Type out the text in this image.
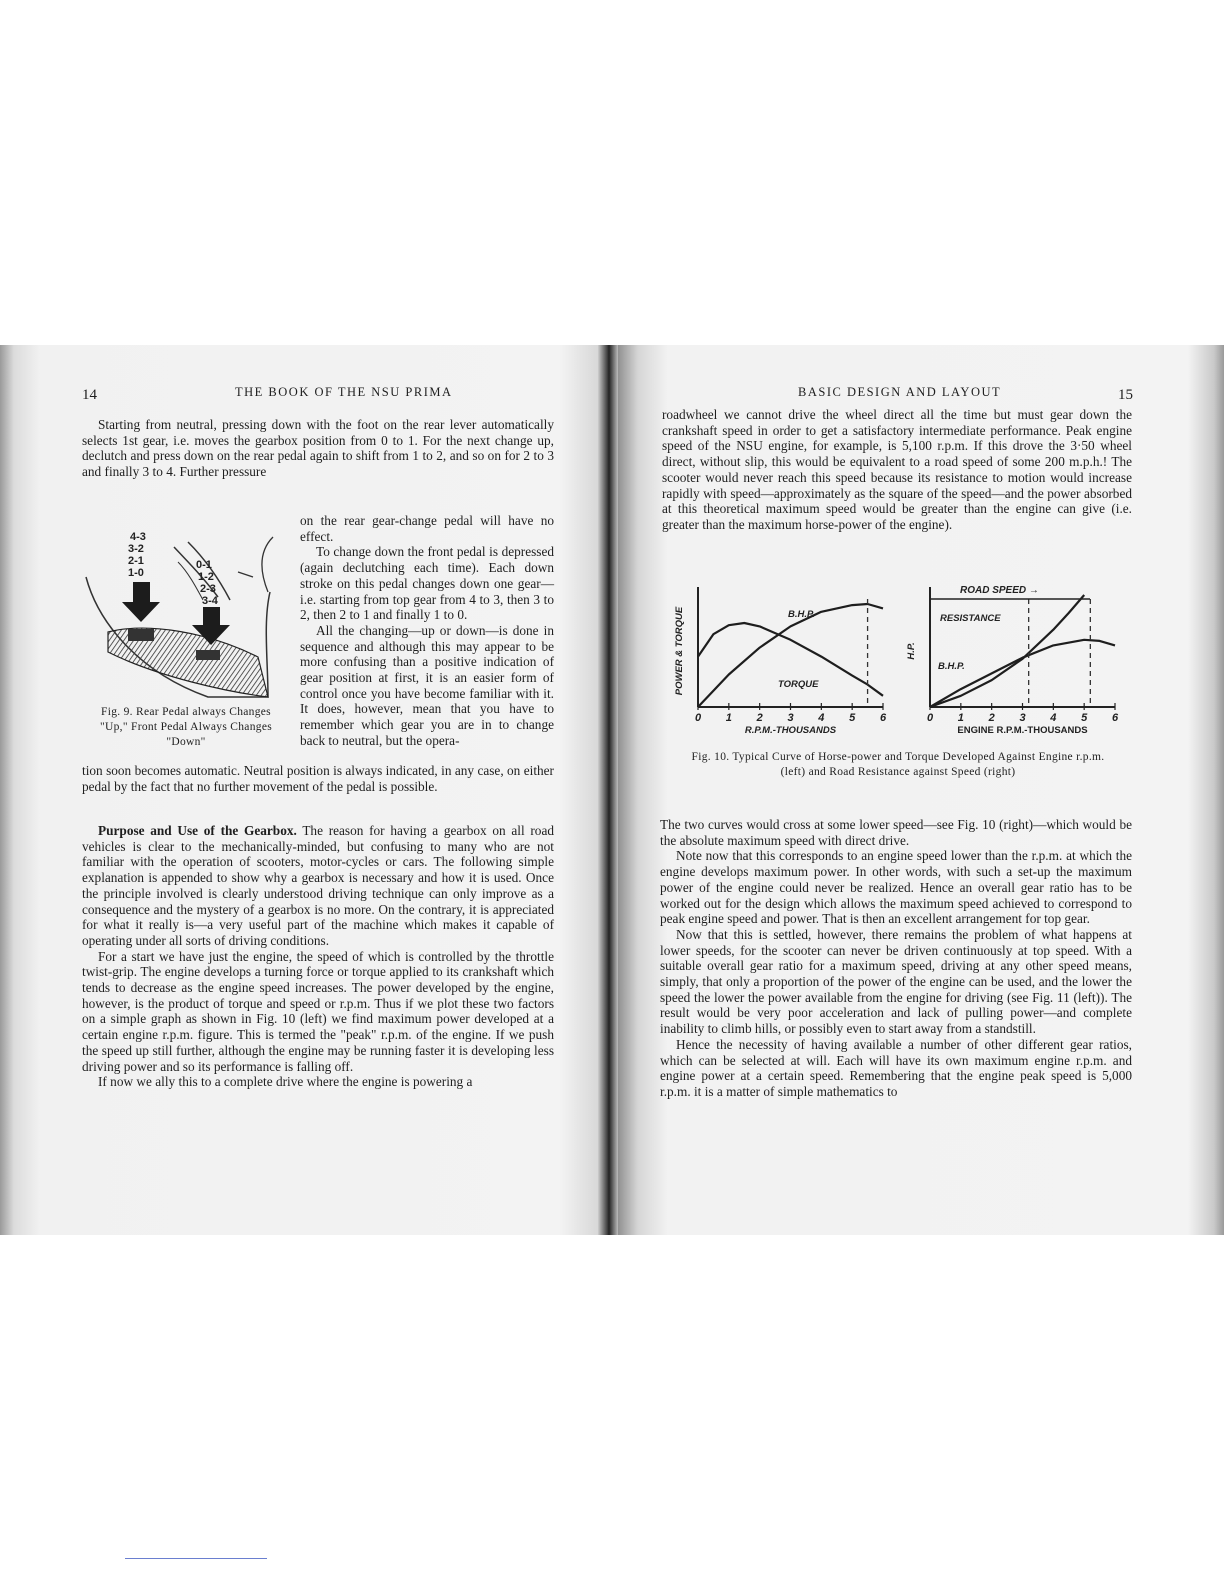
14	THE BOOK OF THE NSU PRIMA

Starting from neutral, pressing down with the foot on the rear lever automatically selects 1st gear, i.e. moves the gearbox position from 0 to 1. For the next change up, declutch and press down on the rear pedal again to shift from 1 to 2, and so on for 2 to 3 and finally 3 to 4. Further pressure

4-3
3-2
2-1
1-0
0-1
1-2
2-3
3-4
Fig. 9. Rear Pedal always Changes "Up," Front Pedal Always Changes "Down"

on the rear gear-change pedal will have no effect.

To change down the front pedal is depressed (again declutching each time). Each down stroke on this pedal changes down one gear—i.e. starting from top gear from 4 to 3, then 3 to 2, then 2 to 1 and finally 1 to 0.

All the changing—up or down—is done in sequence and although this may appear to be more confusing than a positive indication of gear position at first, it is an easier form of control once you have become familiar with it. It does, however, mean that you have to remember which gear you are in to change back to neutral, but the opera-

tion soon becomes automatic. Neutral position is always indicated, in any case, on either pedal by the fact that no further movement of the pedal is possible.

Purpose and Use of the Gearbox. The reason for having a gearbox on all road vehicles is clear to the mechanically-minded, but confusing to many who are not familiar with the operation of scooters, motor-cycles or cars. The following simple explanation is appended to show why a gearbox is necessary and how it is used. Once the principle involved is clearly understood driving technique can only improve as a consequence and the mystery of a gearbox is no more. On the contrary, it is appreciated for what it really is—a very useful part of the machine which makes it capable of operating under all sorts of driving conditions.

For a start we have just the engine, the speed of which is controlled by the throttle twist-grip. The engine develops a turning force or torque applied to its crankshaft which tends to decrease as the engine speed increases. The power developed by the engine, however, is the product of torque and speed or r.p.m. Thus if we plot these two factors on a simple graph as shown in Fig. 10 (left) we find maximum power developed at a certain engine r.p.m. figure. This is termed the "peak" r.p.m. of the engine. If we push the speed up still further, although the engine may be running faster it is developing less driving power and so its performance is falling off.

If now we ally this to a complete drive where the engine is powering a

BASIC DESIGN AND LAYOUT	15

roadwheel we cannot drive the wheel direct all the time but must gear down the crankshaft speed in order to get a satisfactory intermediate performance. Peak engine speed of the NSU engine, for example, is 5,100 r.p.m. If this drove the 3·50 wheel direct, without slip, this would be equivalent to a road speed of some 200 m.p.h.! The scooter would never reach this speed because its resistance to motion would increase rapidly with speed—approximately as the square of the speed—and the power absorbed at this theoretical maximum speed would be greater than the engine can give (i.e. greater than the maximum horse-power of the engine).

0 1 2 3 4 5 6
R.P.M.-THOUSANDS
POWER & TORQUE	B.H.P.
TORQUE
0 1 2 3 4 5 6
ENGINE R.P.M.-THOUSANDS
H.P.
RESISTANCE
B.H.P.
ROAD SPEED →
Fig. 10. Typical Curve of Horse-power and Torque Developed Against Engine r.p.m. (left) and Road Resistance against Speed (right)

The two curves would cross at some lower speed—see Fig. 10 (right)—which would be the absolute maximum speed with direct drive.

Note now that this corresponds to an engine speed lower than the r.p.m. at which the engine develops maximum power. In other words, with such a set-up the maximum power of the engine could never be realized. Hence an overall gear ratio has to be worked out for the design which allows the maximum speed achieved to correspond to peak engine speed and power. That is then an excellent arrangement for top gear.

Now that this is settled, however, there remains the problem of what happens at lower speeds, for the scooter can never be driven continuously at top speed. With a suitable overall gear ratio for a maximum speed, driving at any other speed means, simply, that only a proportion of the power of the engine can be used, and the lower the speed the lower the power available from the engine for driving (see Fig. 11 (left)). The result would be very poor acceleration and lack of pulling power—and complete inability to climb hills, or possibly even to start away from a standstill.

Hence the necessity of having available a number of other different gear ratios, which can be selected at will. Each will have its own maximum engine r.p.m. and engine power at a certain speed. Remembering that the engine peak speed is 5,000 r.p.m. it is a matter of simple mathematics to
